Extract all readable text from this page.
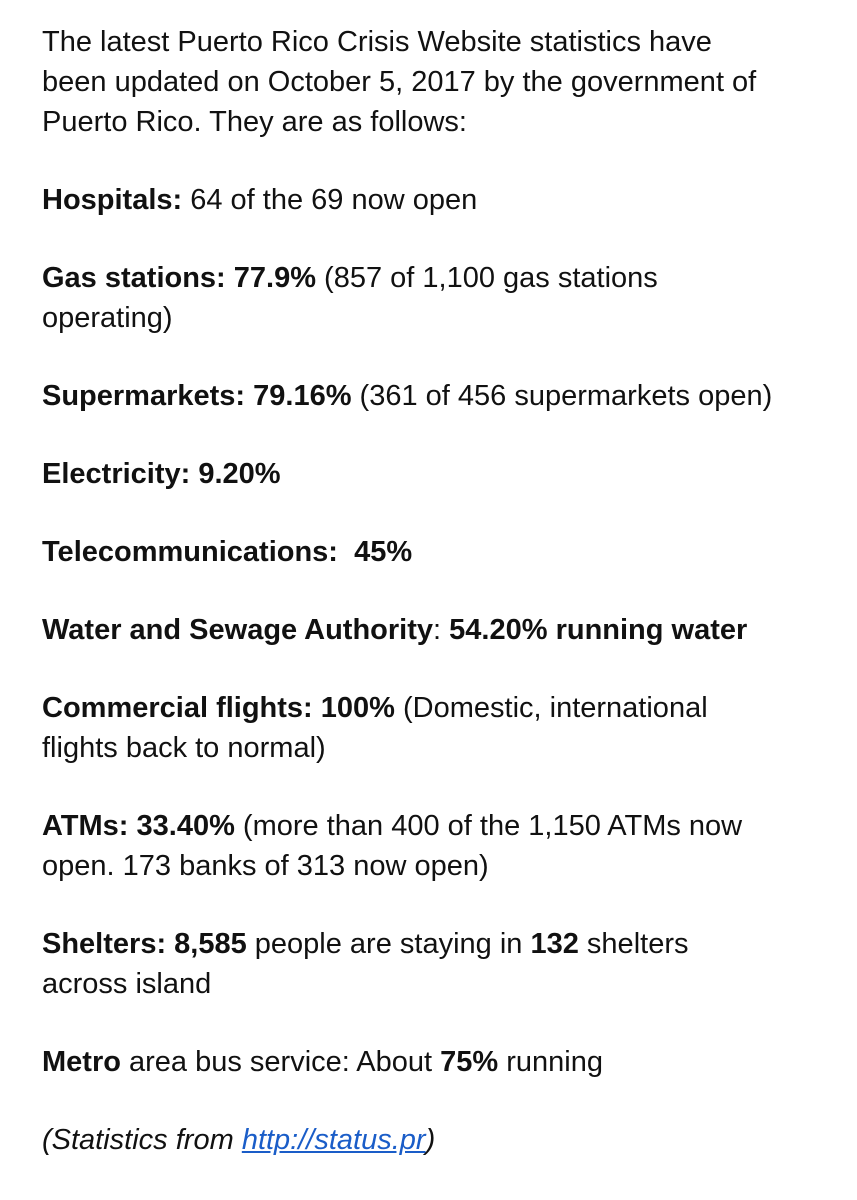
The latest Puerto Rico Crisis Website statistics have
been updated on October 5, 2017 by the government of
Puerto Rico. They are as follows:

Hospitals: 64 of the 69 now open

Gas stations: 77.9% (857 of 1,100 gas stations
operating)

Supermarkets: 79.16% (361 of 456 supermarkets open)

Electricity: 9.20%

Telecommunications:  45%

Water and Sewage Authority: 54.20% running water

Commercial flights: 100% (Domestic, international
flights back to normal)

ATMs: 33.40% (more than 400 of the 1,150 ATMs now
open. 173 banks of 313 now open)

Shelters: 8,585 people are staying in 132 shelters
across island

Metro area bus service: About 75% running

(Statistics from http://status.pr)
